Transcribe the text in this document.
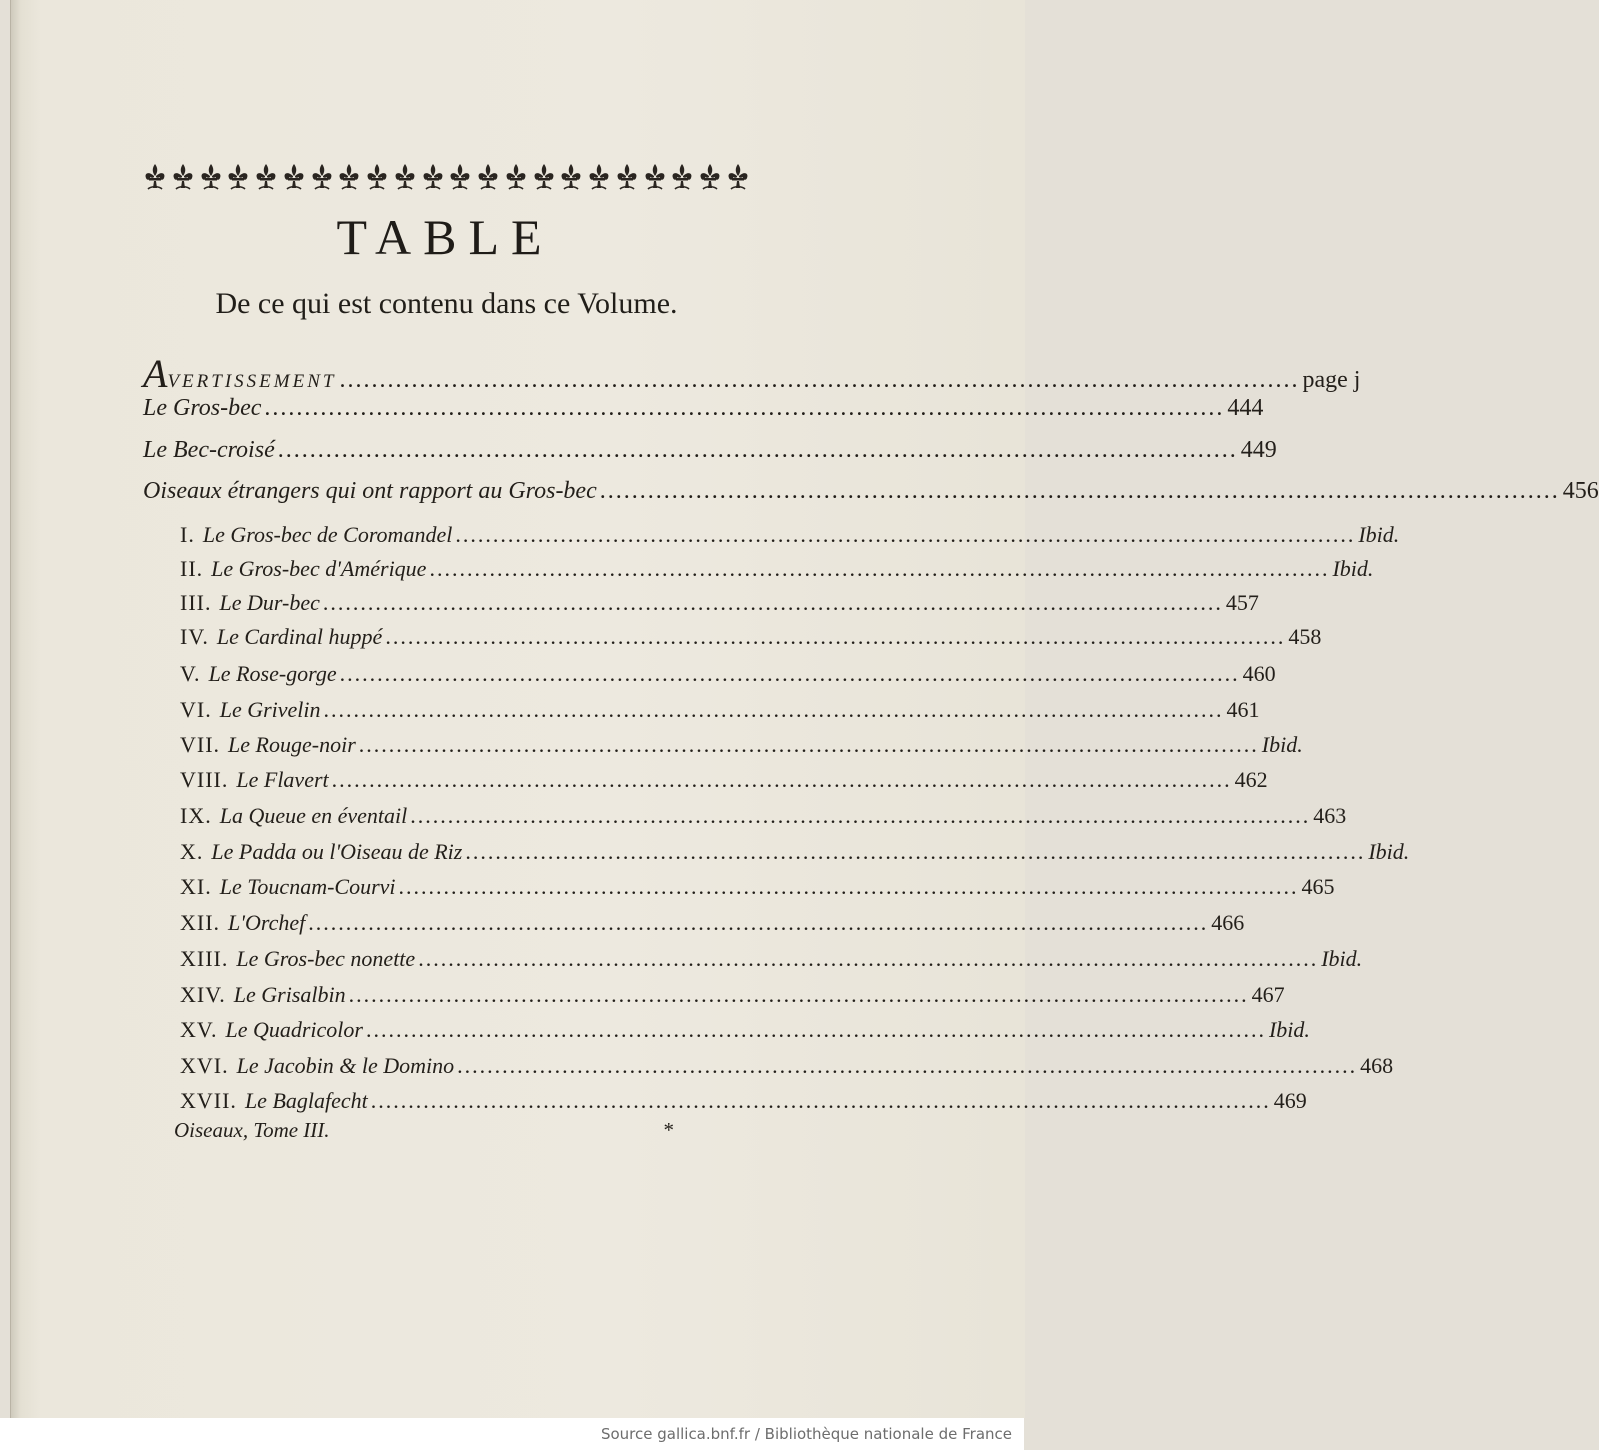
TABLE
De ce qui est contenu dans ce Volume.
AVERTISSEMENT ........................................................................................................................ page j
Le Gros-bec ........................................................................................................................ 444
Le Bec-croisé ........................................................................................................................ 449
Oiseaux étrangers qui ont rapport au Gros-bec ........................................................................................................................ 456
I. Le Gros-bec de Coromandel ........................................................................................................................ Ibid.
II. Le Gros-bec d'Amérique ........................................................................................................................ Ibid.
III. Le Dur-bec ........................................................................................................................ 457
IV. Le Cardinal huppé ........................................................................................................................ 458
V. Le Rose-gorge ........................................................................................................................ 460
VI. Le Grivelin ........................................................................................................................ 461
VII. Le Rouge-noir ........................................................................................................................ Ibid.
VIII. Le Flavert ........................................................................................................................ 462
IX. La Queue en éventail ........................................................................................................................ 463
X. Le Padda ou l'Oiseau de Riz ........................................................................................................................ Ibid.
XI. Le Toucnam-Courvi ........................................................................................................................ 465
XII. L'Orchef ........................................................................................................................ 466
XIII. Le Gros-bec nonette ........................................................................................................................ Ibid.
XIV. Le Grisalbin ........................................................................................................................ 467
XV. Le Quadricolor ........................................................................................................................ Ibid.
XVI. Le Jacobin & le Domino ........................................................................................................................ 468
XVII. Le Baglafecht ........................................................................................................................ 469
Oiseaux, Tome III.	*
Source gallica.bnf.fr / Bibliothèque nationale de France
